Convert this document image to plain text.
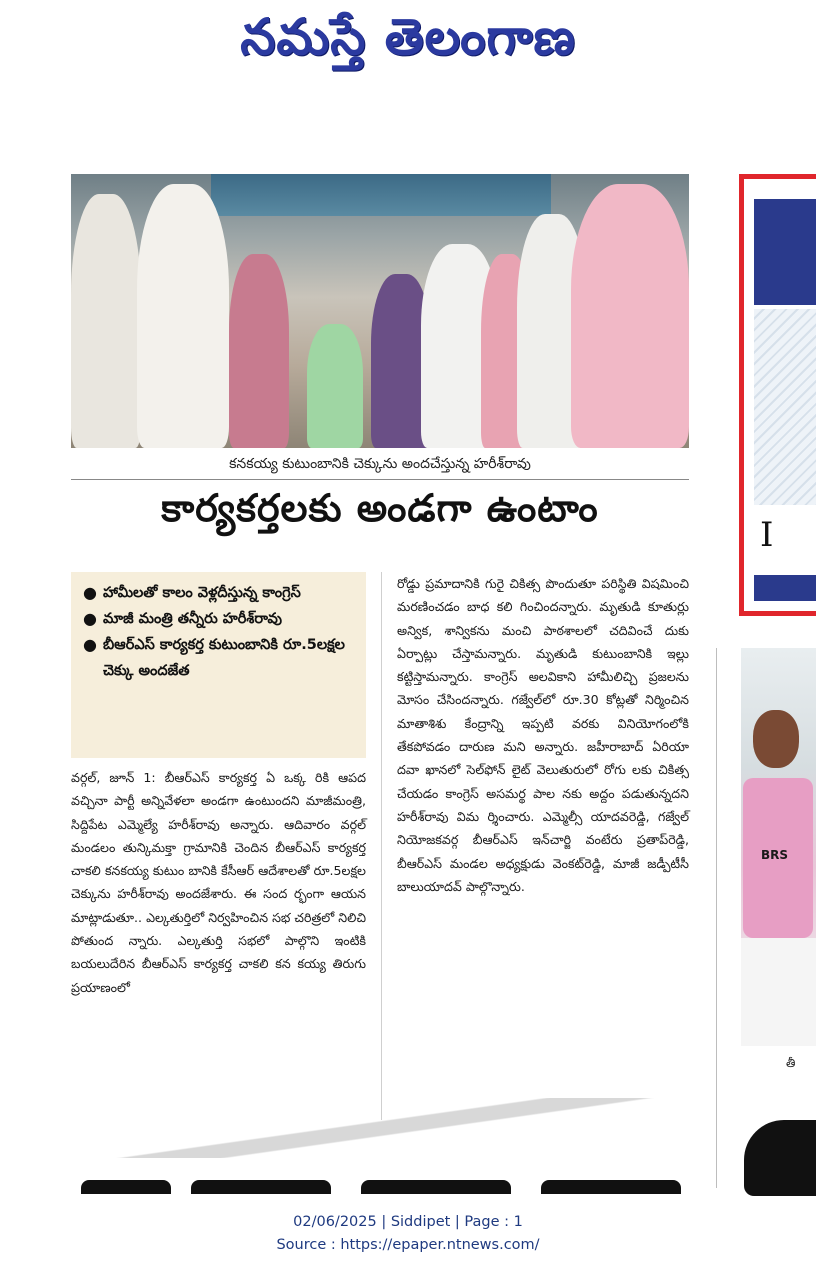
నమస్తే తెలంగాణ
కనకయ్య కుటుంబానికి చెక్కును అందచేస్తున్న హరీశ్‌రావు
కార్యకర్తలకు అండగా ఉంటాం
● హామీలతో కాలం వెళ్లదీస్తున్న కాంగ్రెస్
● మాజీ మంత్రి తన్నీరు హరీశ్‌రావు
● బీఆర్‌ఎస్‌ కార్యకర్త కుటుంబానికి రూ.5లక్షల చెక్కు అందజేత
వర్గల్‌, జూన్‌ 1: బీఆర్‌ఎస్‌ కార్యకర్త ఏ ఒక్క రికి ఆపద వచ్చినా పార్టీ అన్నివేళలా అండగా ఉంటుందని మాజీమంత్రి, సిద్దిపేట ఎమ్మెల్యే హరీశ్‌రావు అన్నారు. ఆదివారం వర్గల్‌ మండలం తున్కిమక్తా గ్రామానికి చెందిన బీఆర్‌ఎస్‌ కార్యకర్త చాకలి కనకయ్య కుటుం బానికి కేసీఆర్‌ ఆదేశాలతో రూ.5లక్షల చెక్కును హరీశ్‌రావు అందజేశారు. ఈ సంద ర్భంగా ఆయన మాట్లాడుతూ.. ఎల్కతుర్తిలో నిర్వహించిన సభ చరిత్రలో నిలిచి పోతుంద న్నారు. ఎల్కతుర్తి సభలో పాల్గొని ఇంటికి బయలుదేరిన బీఆర్‌ఎస్‌ కార్యకర్త చాకలి కన కయ్య తిరుగు ప్రయాణంలో
రోడ్డు ప్రమాదానికి గురై చికిత్స పొందుతూ పరిస్థితి విషమించి మరణించడం బాధ కలి గించిందన్నారు. మృతుడి కూతుర్లు అన్విక, శాన్వికను మంచి పాఠశాలలో చదివించే దుకు ఏర్పాట్లు చేస్తామన్నారు. మృతుడి కుటుంబానికి ఇల్లు కట్టిస్తామన్నారు. కాంగ్రెస్‌ అలవికాని హామీలిచ్చి ప్రజలను మోసం చేసిందన్నారు. గజ్వేల్‌లో రూ.30 కోట్లతో నిర్మించిన మాతాశిశు కేంద్రాన్ని ఇప్పటి వరకు వినియోగంలోకి తేకపోవడం దారుణ మని అన్నారు. జహీరాబాద్‌ ఏరియా దవా ఖానలో సెల్‌ఫోన్‌ లైట్‌ వెలుతురులో రోగు లకు చికిత్స చేయడం కాంగ్రెస్‌ అసమర్థ పాల నకు అద్దం పడుతున్నదని హరీశ్‌రావు విమ ర్శించారు. ఎమ్మెల్సీ యాదవరెడ్డి, గజ్వేల్‌ నియోజకవర్గ బీఆర్‌ఎస్‌ ఇన్‌చార్జి వంటేరు ప్రతాప్‌రెడ్డి, బీఆర్‌ఎస్‌ మండల అధ్యక్షుడు వెంకట్‌రెడ్డి, మాజీ జడ్పీటీసీ బాలుయాదవ్‌ పాల్గొన్నారు.
I
BRS
తీ
02/06/2025 | Siddipet | Page : 1
Source : https://epaper.ntnews.com/
